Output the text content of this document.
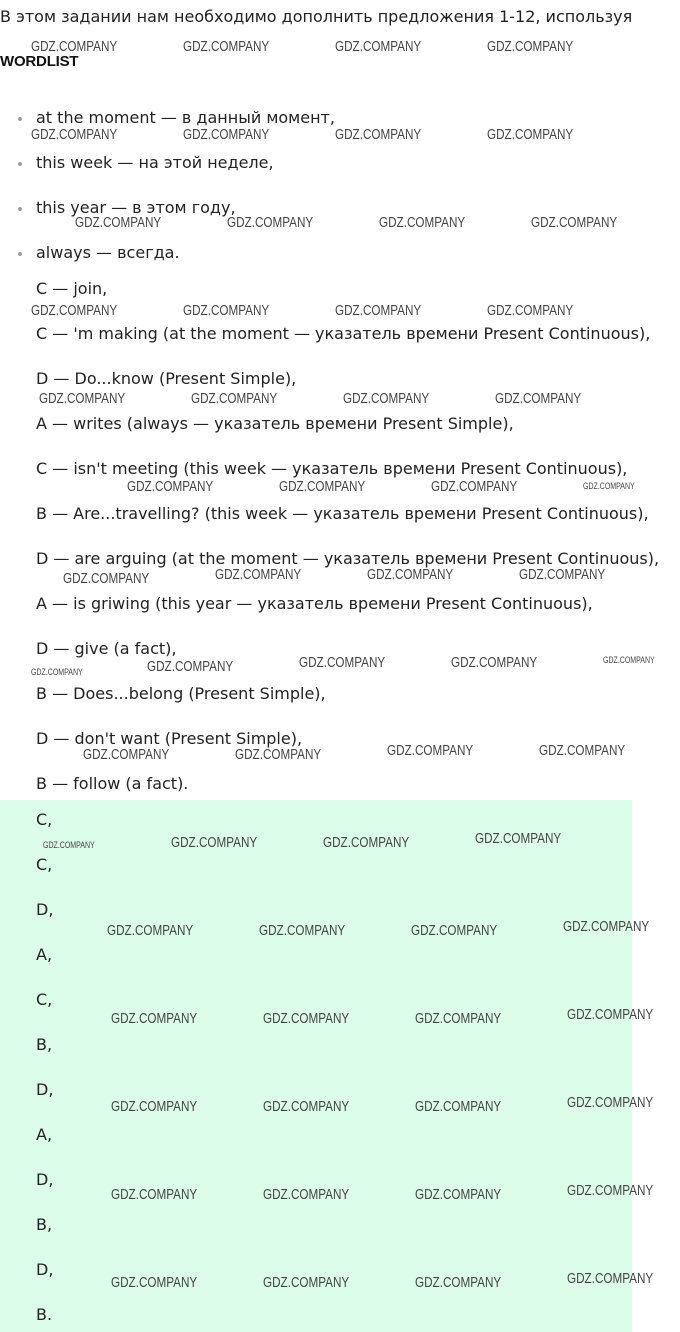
В этом задании нам необходимо дополнить предложения 1-12, используя
WORDLIST
at the moment — в данный момент,
this week — на этой неделе,
this year — в этом году,
always — всегда.
C — join,
C — 'm making (at the moment — указатель времени Present Continuous),
D — Do...know (Present Simple),
A — writes (always — указатель времени Present Simple),
C — isn't meeting (this week — указатель времени Present Continuous),
B — Are...travelling? (this week — указатель времени Present Continuous),
D — are arguing (at the moment — указатель времени Present Continuous),
A — is griwing (this year — указатель времени Present Continuous),
D — give (a fact),
B — Does...belong (Present Simple),
D — don't want (Present Simple),
B — follow (a fact).
C,
C,
D,
A,
C,
B,
D,
A,
D,
B,
D,
B.
GDZ.COMPANY	GDZ.COMPANY	GDZ.COMPANY	GDZ.COMPANY
GDZ.COMPANY	GDZ.COMPANY	GDZ.COMPANY	GDZ.COMPANY
GDZ.COMPANY	GDZ.COMPANY	GDZ.COMPANY	GDZ.COMPANY
GDZ.COMPANY	GDZ.COMPANY	GDZ.COMPANY	GDZ.COMPANY
GDZ.COMPANY	GDZ.COMPANY	GDZ.COMPANY	GDZ.COMPANY
GDZ.COMPANY	GDZ.COMPANY	GDZ.COMPANY	GDZ.COMPANY
GDZ.COMPANY	GDZ.COMPANY	GDZ.COMPANY	GDZ.COMPANY
GDZ.COMPANY	GDZ.COMPANY	GDZ.COMPANY	GDZ.COMPANY	GDZ.COMPANY
GDZ.COMPANY	GDZ.COMPANY	GDZ.COMPANY	GDZ.COMPANY
GDZ.COMPANY	GDZ.COMPANY	GDZ.COMPANY	GDZ.COMPANY
GDZ.COMPANY	GDZ.COMPANY	GDZ.COMPANY	GDZ.COMPANY
GDZ.COMPANY	GDZ.COMPANY	GDZ.COMPANY	GDZ.COMPANY
GDZ.COMPANY	GDZ.COMPANY	GDZ.COMPANY	GDZ.COMPANY
GDZ.COMPANY	GDZ.COMPANY	GDZ.COMPANY	GDZ.COMPANY
GDZ.COMPANY	GDZ.COMPANY	GDZ.COMPANY	GDZ.COMPANY
